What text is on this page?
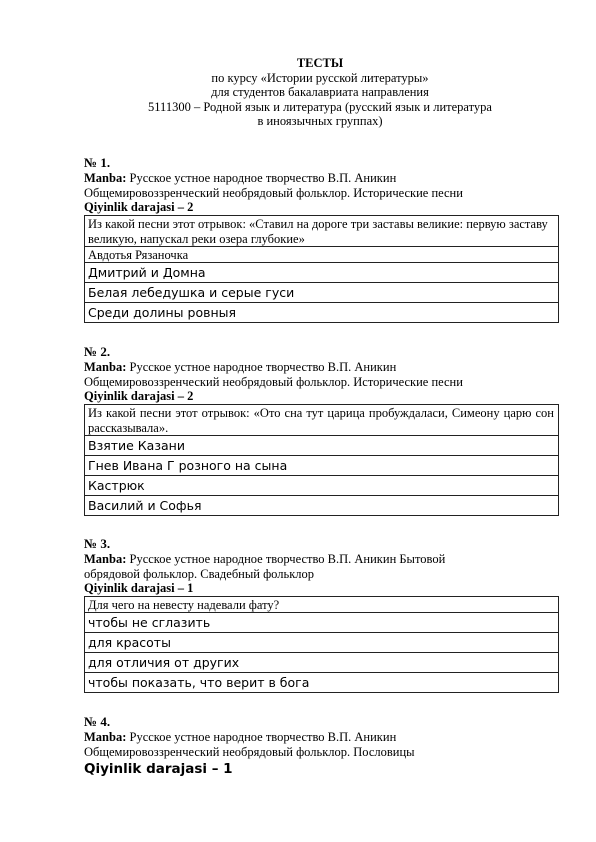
ТЕСТЫ
по курсу «Истории русской литературы»
для студентов бакалавриата направления
5111300 – Родной язык и литература (русский язык и литература
в иноязычных группах)

№ 1.

Manba: Русское устное народное творчество В.П. Аникин
Общемировоззренческий необрядовый фольклор. Исторические песни

Qiyinlik darajasi – 2

Из какой песни этот отрывок: «Ставил на дороге три заставы великие: первую заставу великую, напускал реки озера глубокие»
Авдотья Рязаночка
Дмитрий и Домна
Белая лебедушка и серые гуси
Среди долины ровныя

№ 2.

Manba: Русское устное народное творчество В.П. Аникин
Общемировоззренческий необрядовый фольклор. Исторические песни

Qiyinlik darajasi – 2

Из какой песни этот отрывок: «Ото сна тут царица пробуждаласи, Симеону царю сон рассказывала».
Взятие Казани
Гнев Ивана Г розного на сына
Кастрюк
Василий и Софья

№ 3.

Manba: Русское устное народное творчество В.П. Аникин Бытовой
обрядовой фольклор. Свадебный фольклор

Qiyinlik darajasi – 1

Для чего на невесту надевали фату?
чтобы не сглазить
для красоты
для отличия от других
чтобы показать, что верит в бога

№ 4.

Manba: Русское устное народное творчество В.П. Аникин
Общемировоззренческий необрядовый фольклор. Пословицы

Qiyinlik darajasi – 1
